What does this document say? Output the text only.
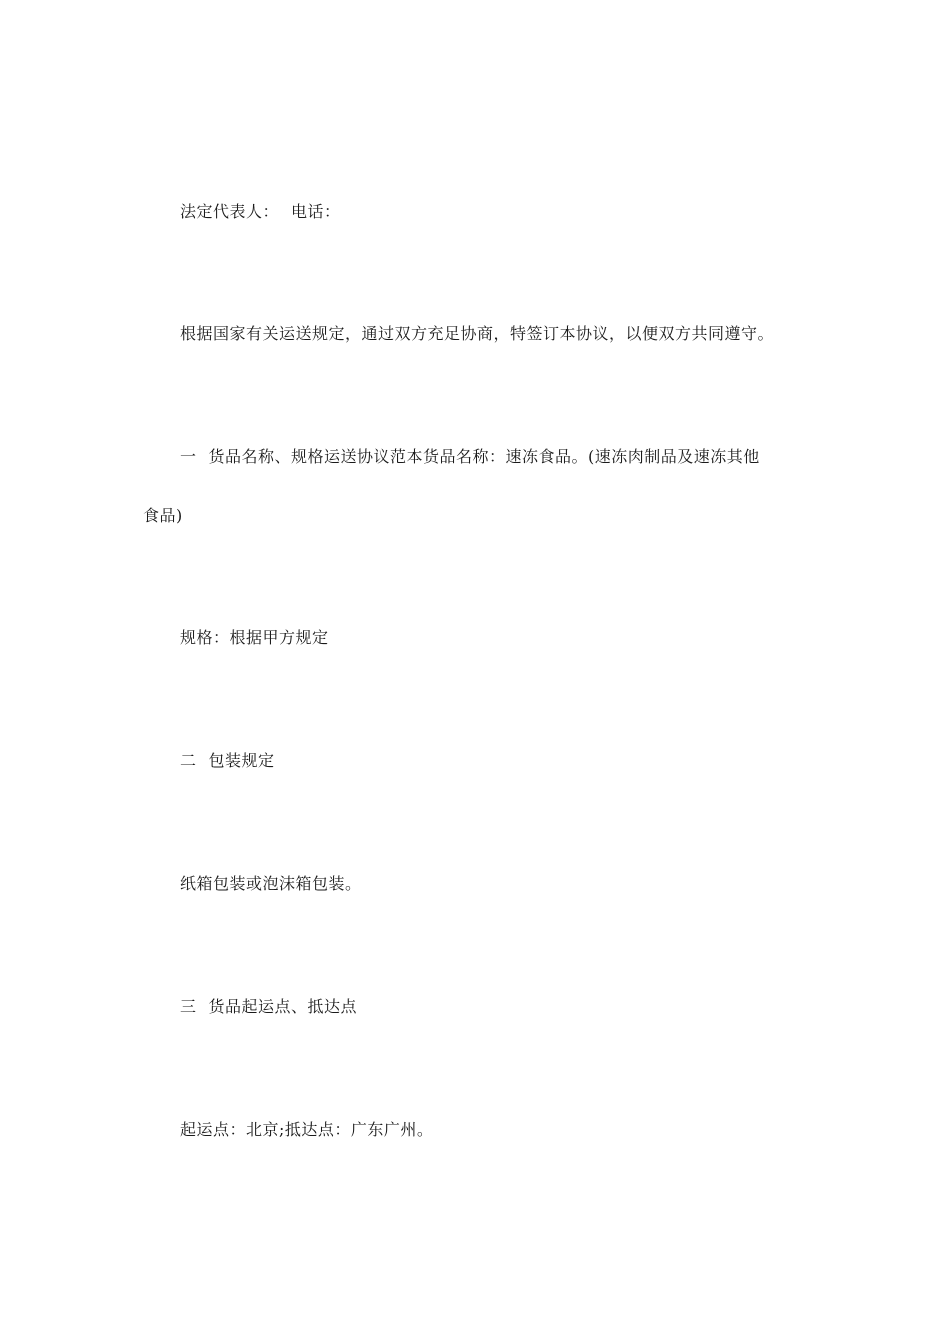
法定代表人： 电话：
根据国家有关运送规定，通过双方充足协商，特签订本协议，以便双方共同遵守。
一 货品名称、规格运送协议范本货品名称：速冻食品。(速冻肉制品及速冻其他
食品)
规格：根据甲方规定
二 包装规定
纸箱包装或泡沫箱包装。
三 货品起运点、抵达点
起运点：北京;抵达点：广东广州。
